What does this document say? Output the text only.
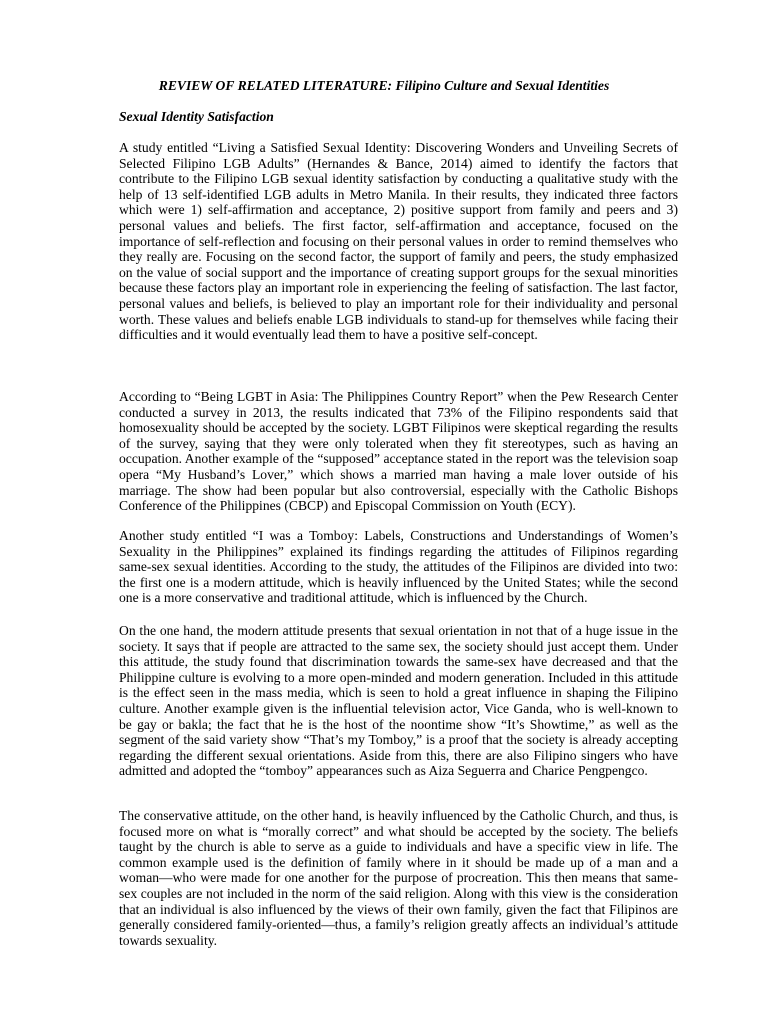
REVIEW OF RELATED LITERATURE: Filipino Culture and Sexual Identities

Sexual Identity Satisfaction

A study entitled “Living a Satisfied Sexual Identity: Discovering Wonders and Unveiling Secrets of Selected Filipino LGB Adults” (Hernandes & Bance, 2014) aimed to identify the factors that contribute to the Filipino LGB sexual identity satisfaction by conducting a qualitative study with the help of 13 self-identified LGB adults in Metro Manila. In their results, they indicated three factors which were 1) self-affirmation and acceptance, 2) positive support from family and peers and 3) personal values and beliefs. The first factor, self-affirmation and acceptance, focused on the importance of self-reflection and focusing on their personal values in order to remind themselves who they really are. Focusing on the second factor, the support of family and peers, the study emphasized on the value of social support and the importance of creating support groups for the sexual minorities because these factors play an important role in experiencing the feeling of satisfaction. The last factor, personal values and beliefs, is believed to play an important role for their individuality and personal worth. These values and beliefs enable LGB individuals to stand-up for themselves while facing their difficulties and it would eventually lead them to have a positive self-concept.

According to “Being LGBT in Asia: The Philippines Country Report” when the Pew Research Center conducted a survey in 2013, the results indicated that 73% of the Filipino respondents said that homosexuality should be accepted by the society. LGBT Filipinos were skeptical regarding the results of the survey, saying that they were only tolerated when they fit stereotypes, such as having an occupation. Another example of the “supposed” acceptance stated in the report was the television soap opera “My Husband’s Lover,” which shows a married man having a male lover outside of his marriage. The show had been popular but also controversial, especially with the Catholic Bishops Conference of the Philippines (CBCP) and Episcopal Commission on Youth (ECY).

Another study entitled “I was a Tomboy: Labels, Constructions and Understandings of Women’s Sexuality in the Philippines” explained its findings regarding the attitudes of Filipinos regarding same-sex sexual identities. According to the study, the attitudes of the Filipinos are divided into two: the first one is a modern attitude, which is heavily influenced by the United States; while the second one is a more conservative and traditional attitude, which is influenced by the Church.

On the one hand, the modern attitude presents that sexual orientation in not that of a huge issue in the society. It says that if people are attracted to the same sex, the society should just accept them. Under this attitude, the study found that discrimination towards the same-sex have decreased and that the Philippine culture is evolving to a more open-minded and modern generation. Included in this attitude is the effect seen in the mass media, which is seen to hold a great influence in shaping the Filipino culture. Another example given is the influential television actor, Vice Ganda, who is well-known to be gay or bakla; the fact that he is the host of the noontime show “It’s Showtime,” as well as the segment of the said variety show “That’s my Tomboy,” is a proof that the society is already accepting regarding the different sexual orientations. Aside from this, there are also Filipino singers who have admitted and adopted the “tomboy” appearances such as Aiza Seguerra and Charice Pengpengco.

The conservative attitude, on the other hand, is heavily influenced by the Catholic Church, and thus, is focused more on what is “morally correct” and what should be accepted by the society. The beliefs taught by the church is able to serve as a guide to individuals and have a specific view in life. The common example used is the definition of family where in it should be made up of a man and a woman—who were made for one another for the purpose of procreation. This then means that same-sex couples are not included in the norm of the said religion. Along with this view is the consideration that an individual is also influenced by the views of their own family, given the fact that Filipinos are generally considered family-oriented—thus, a family’s religion greatly affects an individual’s attitude towards sexuality.
